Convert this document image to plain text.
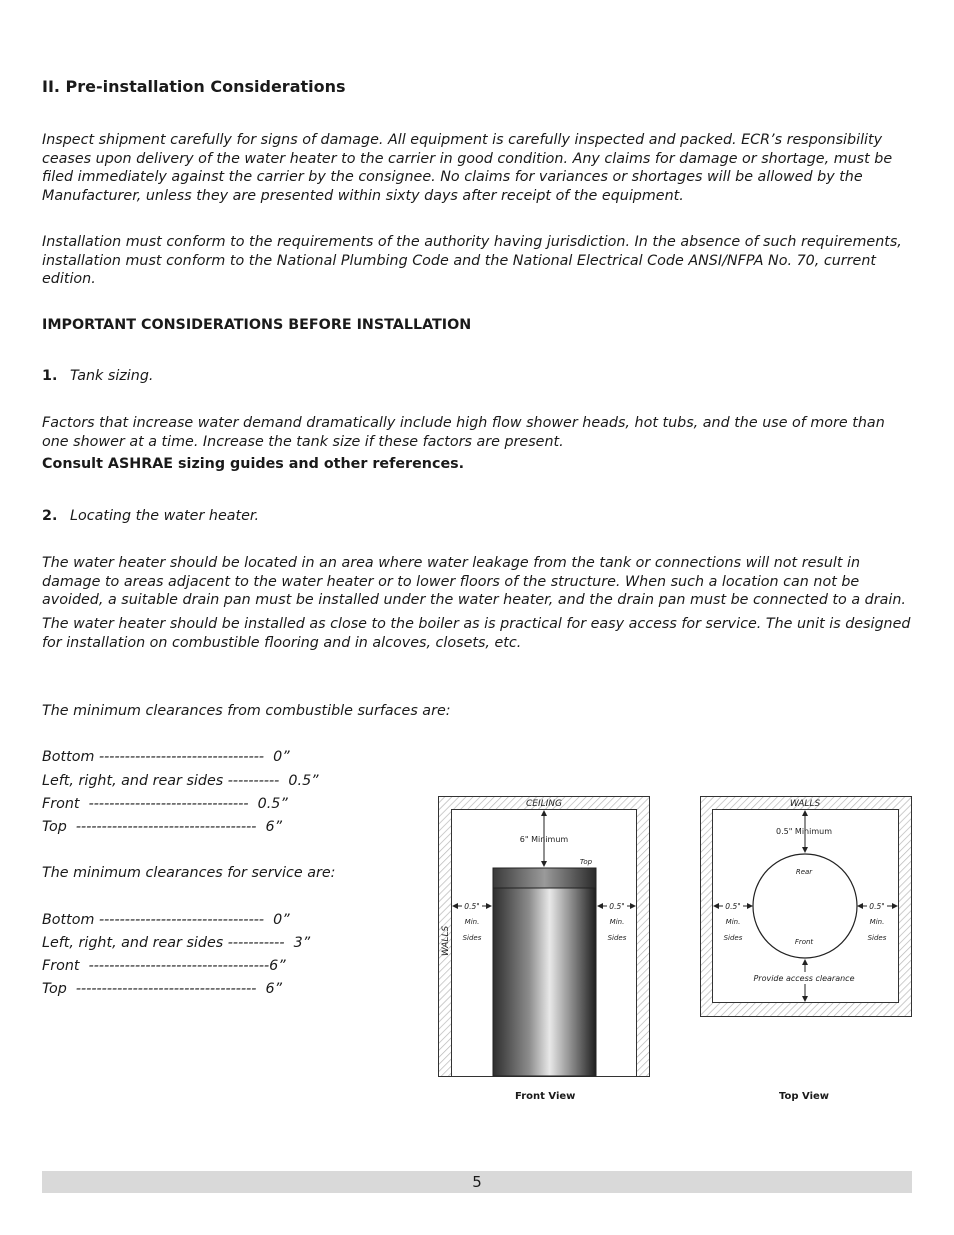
II. Pre-installation Considerations

Inspect shipment carefully for signs of damage. All equipment is carefully inspected and packed. ECR’s responsibility ceases upon delivery of the water heater to the carrier in good condition. Any claims for damage or shortage, must be filed immediately against the carrier by the consignee. No claims for variances or shortages will be allowed by the Manufacturer, unless they are presented within sixty days after receipt of the equipment.

Installation must conform to the requirements of the authority having jurisdiction. In the absence of such requirements, installation must conform to the National Plumbing Code and the National Electrical Code ANSI/NFPA No. 70, current edition.

IMPORTANT CONSIDERATIONS BEFORE INSTALLATION
1. Tank sizing.

Factors that increase water demand dramatically include high flow shower heads, hot tubs, and the use of more than one shower at a time. Increase the tank size if these factors are present.

Consult ASHRAE sizing guides and other references.
2. Locating the water heater.

The water heater should be located in an area where water leakage from the tank or connections will not result in damage to areas adjacent to the water heater or to lower floors of the structure. When such a location can not be avoided, a suitable drain pan must be installed under the water heater, and the drain pan must be connected to a drain.

The water heater should be installed as close to the boiler as is practical for easy access for service. The unit is designed for installation on combustible flooring and in alcoves, closets, etc.

The minimum clearances from combustible surfaces are:
Bottom --------------------------------  0”
Left, right, and rear sides ----------  0.5”
Front  -------------------------------  0.5”
Top  -----------------------------------  6”
The minimum clearances for service are:
Bottom --------------------------------  0”
Left, right, and rear sides -----------  3”
Front  -----------------------------------6”
Top  -----------------------------------  6”
CEILING
6" Minimum
Top
0.5"	0.5"
Min.
Sides
Min.
Sides
WALLS
Front View
WALLS
0.5" Minimum
Rear
Front
0.5"	0.5"
Min.
Sides
Min.
Sides
Provide access clearance
Top View
5
